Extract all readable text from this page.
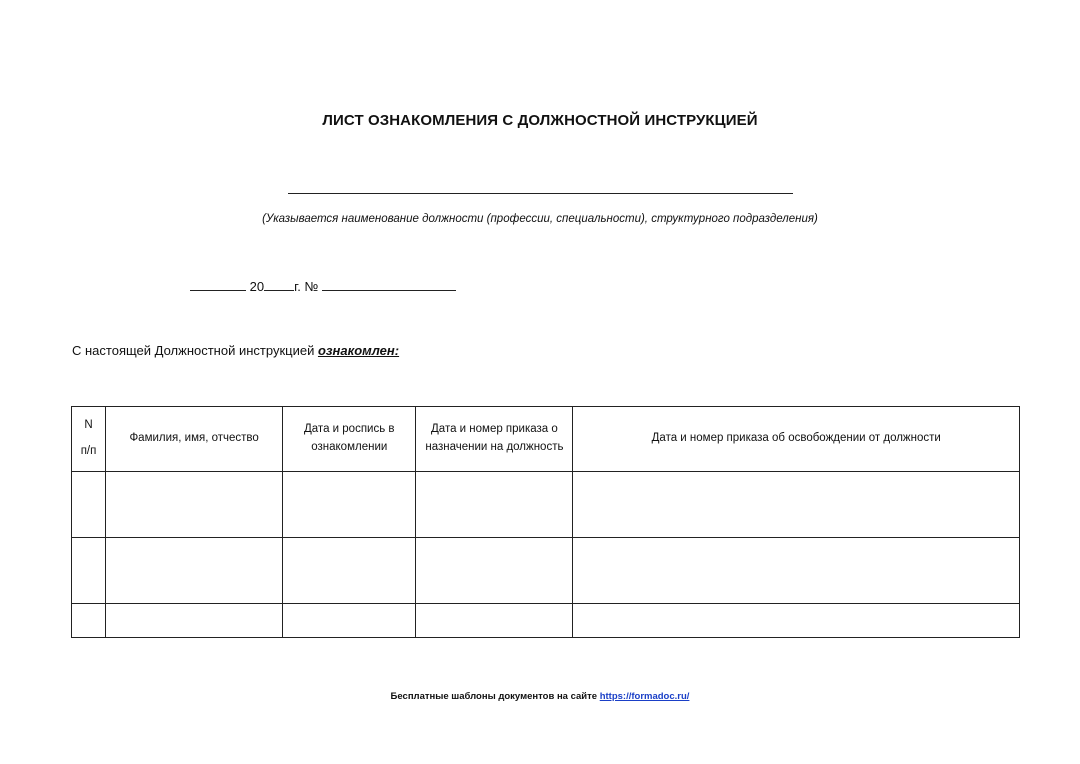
ЛИСТ ОЗНАКОМЛЕНИЯ С ДОЛЖНОСТНОЙ ИНСТРУКЦИЕЙ
(Указывается наименование должности (профессии, специальности), структурного подразделения)
20 г. №
С настоящей Должностной инструкцией ознакомлен:
N
п/п	Фамилия, имя, отчество	Дата и роспись в ознакомлении	Дата и номер приказа о назначении на должность	Дата и номер приказа об освобождении от должности

Бесплатные шаблоны документов на сайте https://formadoc.ru/
